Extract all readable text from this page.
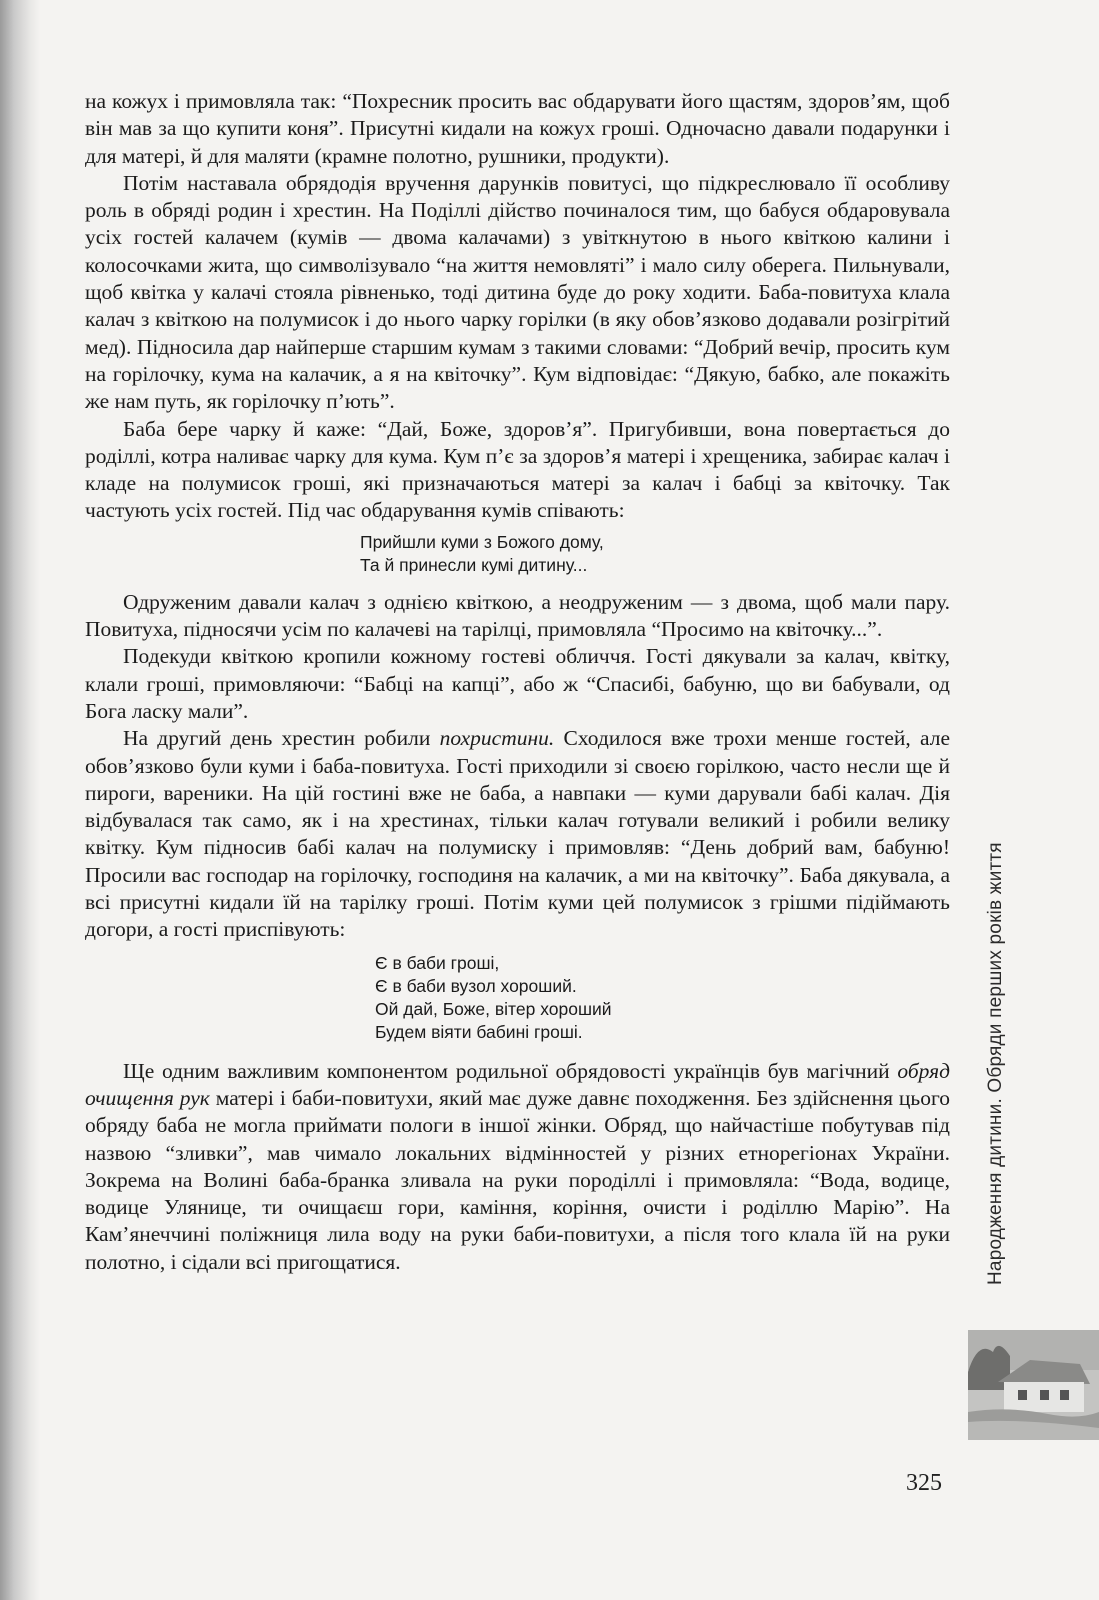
на кожух і примовляла так: “Похресник просить вас обдарувати його щастям, здоров’ям, щоб він мав за що купити коня”. Присутні кидали на кожух гроші. Одночасно давали подарунки і для матері, й для маляти (крамне полотно, рушники, продукти).

Потім наставала обрядодія вручення дарунків повитусі, що підкреслювало її особливу роль в обряді родин і хрестин. На Поділлі дійство починалося тим, що бабуся обдаровувала усіх гостей калачем (кумів — двома калачами) з увіткнутою в нього квіткою калини і колосочками жита, що символізувало “на життя немовляті” і мало силу оберега. Пильнували, щоб квітка у калачі стояла рівненько, тоді дитина буде до року ходити. Баба-повитуха клала калач з квіткою на полумисок і до нього чарку горілки (в яку обов’язково додавали розігрітий мед). Підносила дар найперше старшим кумам з такими словами: “Добрий вечір, просить кум на горілочку, кума на калачик, а я на квіточку”. Кум відповідає: “Дякую, бабко, але покажіть же нам путь, як горілочку п’ють”.

Баба бере чарку й каже: “Дай, Боже, здоров’я”. Пригубивши, вона повертається до роділлі, котра наливає чарку для кума. Кум п’є за здоров’я матері і хрещеника, забирає калач і кладе на полумисок гроші, які призначаються матері за калач і бабці за квіточку. Так частують усіх гостей. Під час обдарування кумів співають:

Прийшли куми з Божого дому,
Та й принесли кумі дитину...

Одруженим давали калач з однією квіткою, а неодруженим — з двома, щоб мали пару. Повитуха, підносячи усім по калачеві на тарілці, примовляла “Просимо на квіточку...”.

Подекуди квіткою кропили кожному гостеві обличчя. Гості дякували за калач, квітку, клали гроші, примовляючи: “Бабці на капці”, або ж “Спасибі, бабуню, що ви бабували, од Бога ласку мали”.

На другий день хрестин робили похристини. Сходилося вже трохи менше гостей, але обов’язково були куми і баба-повитуха. Гості приходили зі своєю горілкою, часто несли ще й пироги, вареники. На цій гостині вже не баба, а навпаки — куми дарували бабі калач. Дія відбувалася так само, як і на хрестинах, тільки калач готували великий і робили велику квітку. Кум підносив бабі калач на полумиску і примовляв: “День добрий вам, бабуню! Просили вас господар на горілочку, господиня на калачик, а ми на квіточку”. Баба дякувала, а всі присутні кидали їй на тарілку гроші. Потім куми цей полумисок з грішми підіймають догори, а гості приспівують:

Є в баби гроші,
Є в баби вузол хороший.
Ой дай, Боже, вітер хороший
Будем віяти бабині гроші.

Ще одним важливим компонентом родильної обрядовості українців був магічний обряд очищення рук матері і баби-повитухи, який має дуже давнє походження. Без здійснення цього обряду баба не могла приймати пологи в іншої жінки. Обряд, що найчастіше побутував під назвою “зливки”, мав чимало локальних відмінностей у різних етнорегіонах України. Зокрема на Волині баба-бранка зливала на руки породіллі і примовляла: “Вода, водице, водице Улянице, ти очищаєш гори, каміння, коріння, очисти і роділлю Марію”. На Кам’янеччині поліжниця лила воду на руки баби-повитухи, а після того клала їй на руки полотно, і сідали всі пригощатися.	Народження дитини. Обряди перших років життя
325
